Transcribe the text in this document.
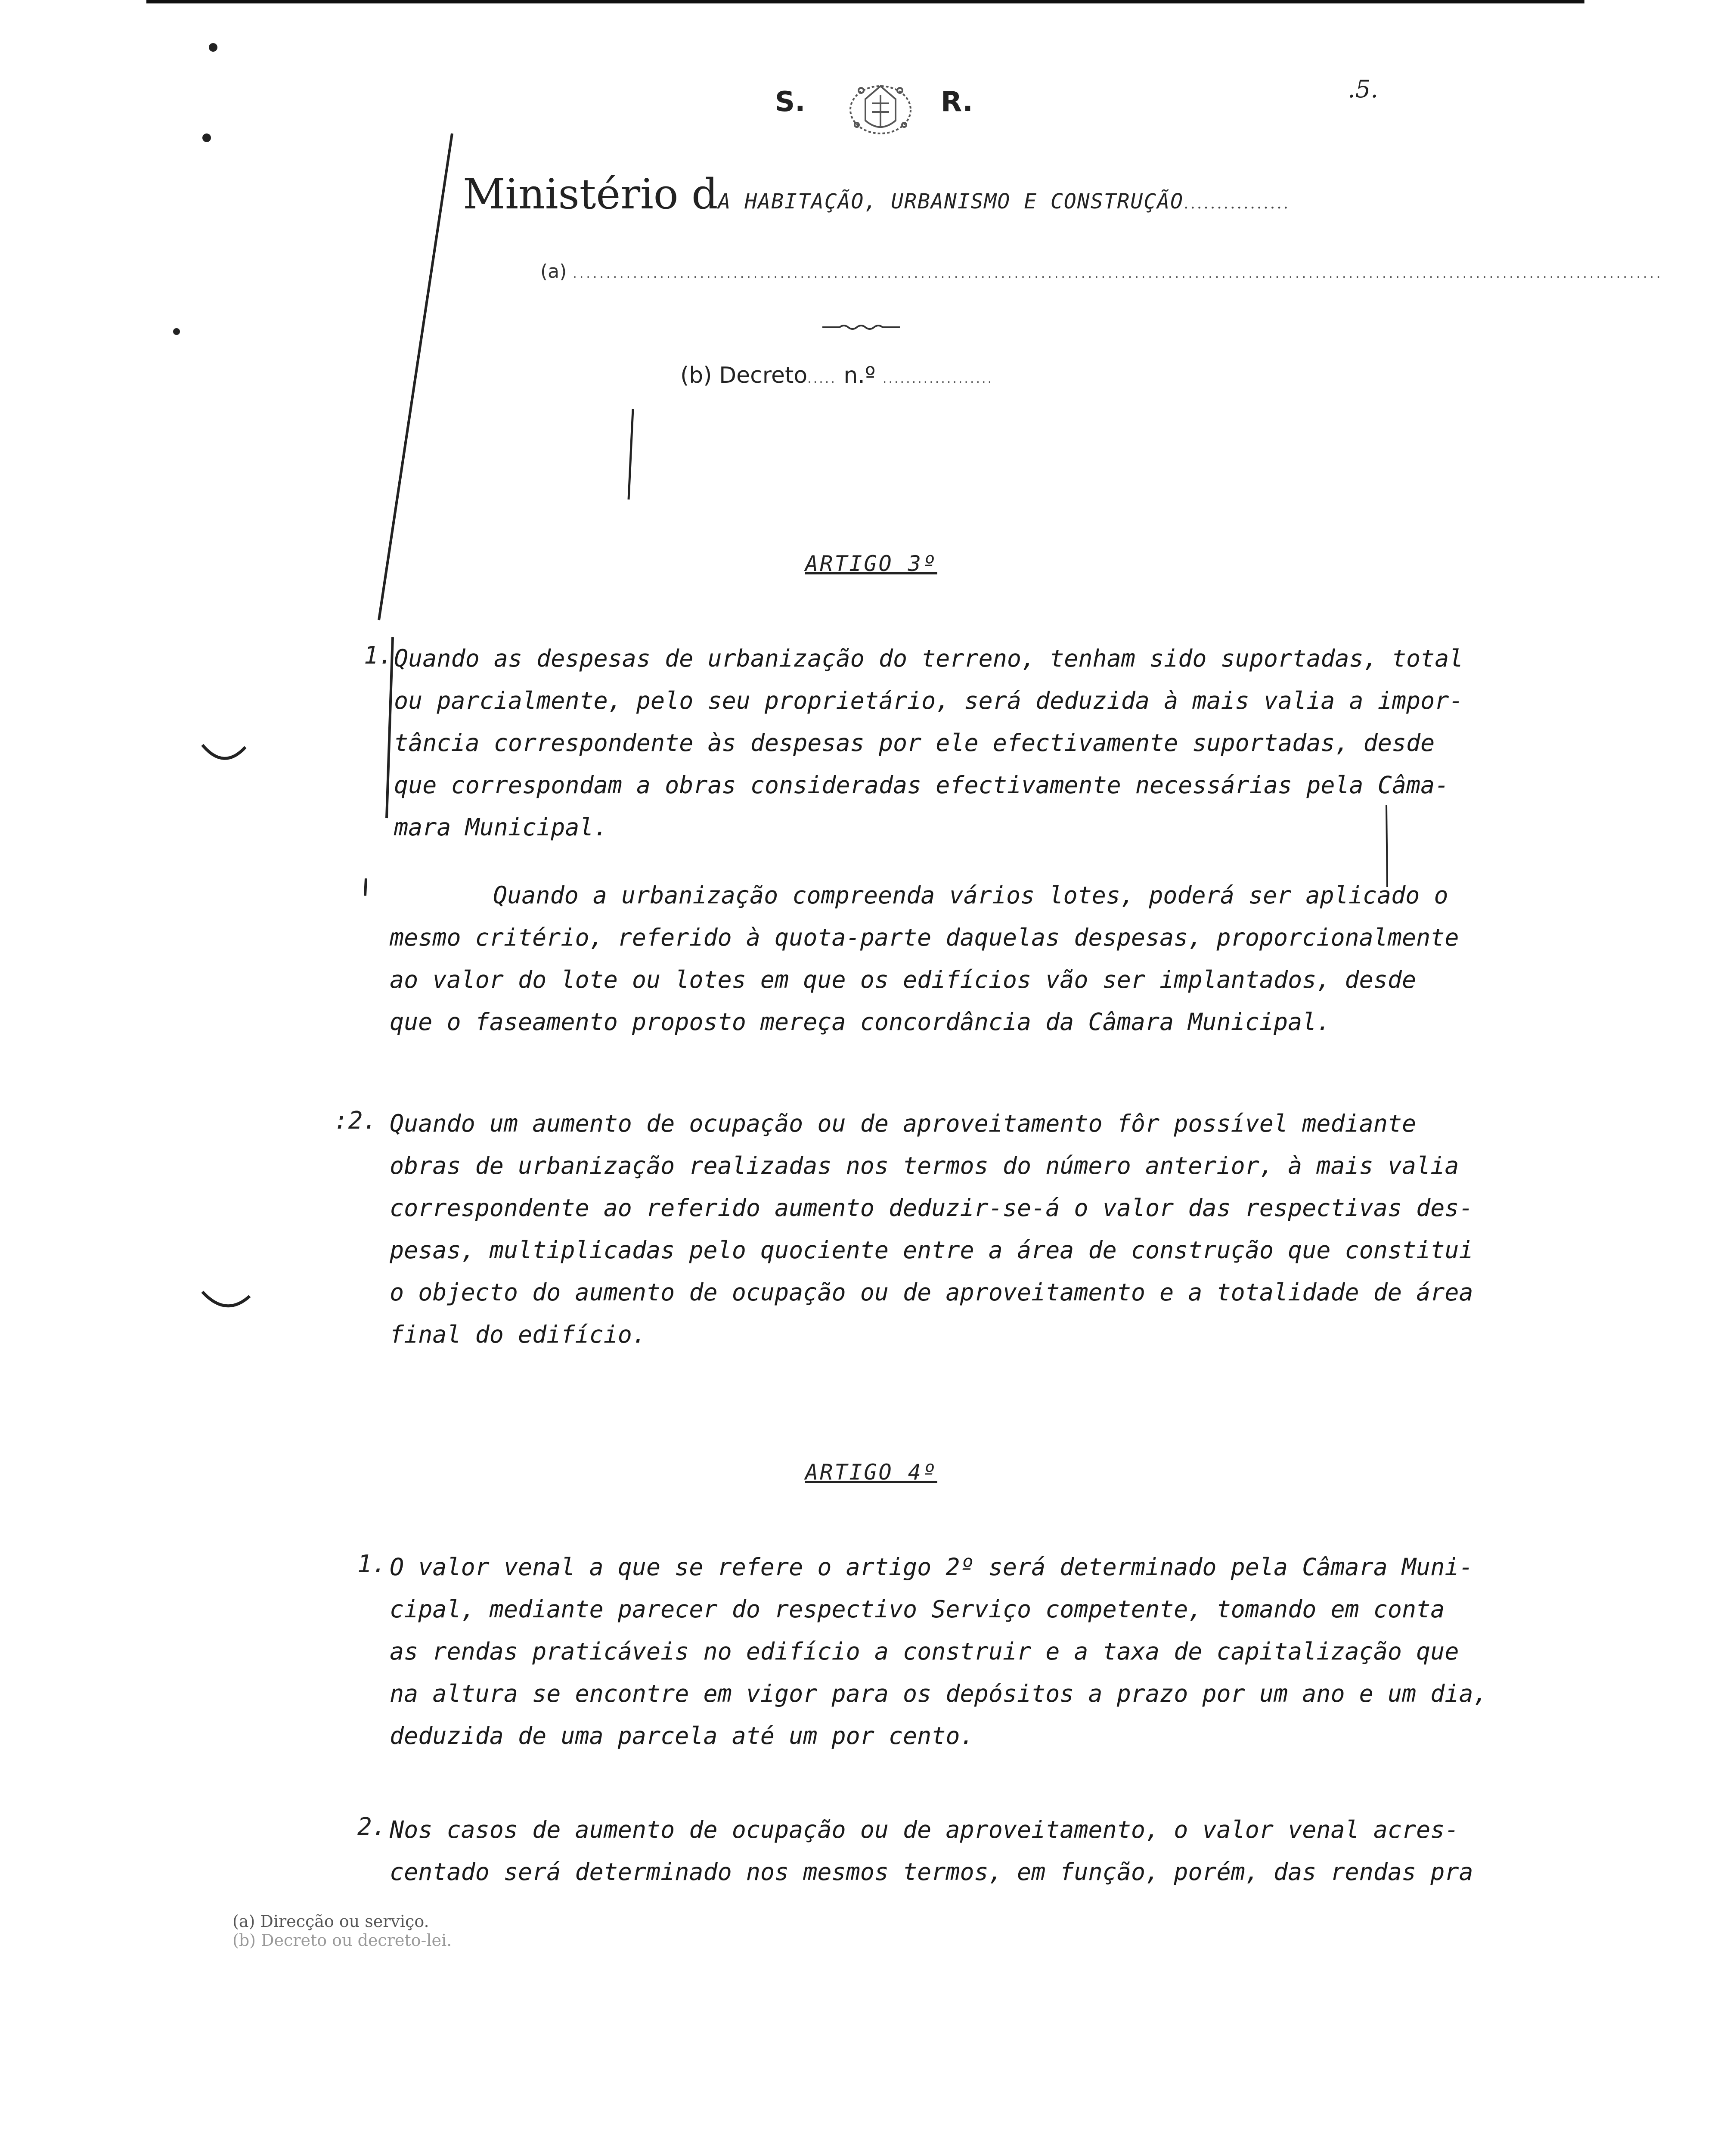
S.	R.	.5.
Ministério dA HABITAÇÃO, URBANISMO E CONSTRUÇÃO................
(a) ...................................................................................................................................................................
(b) Decreto..... n.º ...................
ARTIGO 3º
1. Quando as despesas de urbanização do terreno, tenham sido suportadas, total
ou parcialmente, pelo seu proprietário, será deduzida à mais valia a impor-
tância correspondente às despesas por ele efectivamente suportadas, desde
que correspondam a obras consideradas efectivamente necessárias pela Câma-
mara Municipal.
Quando a urbanização compreenda vários lotes, poderá ser aplicado o
mesmo critério, referido à quota-parte daquelas despesas, proporcionalmente
ao valor do lote ou lotes em que os edifícios vão ser implantados, desde
que o faseamento proposto mereça concordância da Câmara Municipal.
:2. Quando um aumento de ocupação ou de aproveitamento fôr possível mediante
obras de urbanização realizadas nos termos do número anterior, à mais valia
correspondente ao referido aumento deduzir-se-á o valor das respectivas des-
pesas, multiplicadas pelo quociente entre a área de construção que constitui
o objecto do aumento de ocupação ou de aproveitamento e a totalidade de área
final do edifício.
ARTIGO 4º
1. O valor venal a que se refere o artigo 2º será determinado pela Câmara Muni-
cipal, mediante parecer do respectivo Serviço competente, tomando em conta
as rendas praticáveis no edifício a construir e a taxa de capitalização que
na altura se encontre em vigor para os depósitos a prazo por um ano e um dia,
deduzida de uma parcela até um por cento.
2. Nos casos de aumento de ocupação ou de aproveitamento, o valor venal acres-
centado será determinado nos mesmos termos, em função, porém, das rendas pra
(a) Direcção ou serviço.
(b) Decreto ou decreto-lei.
